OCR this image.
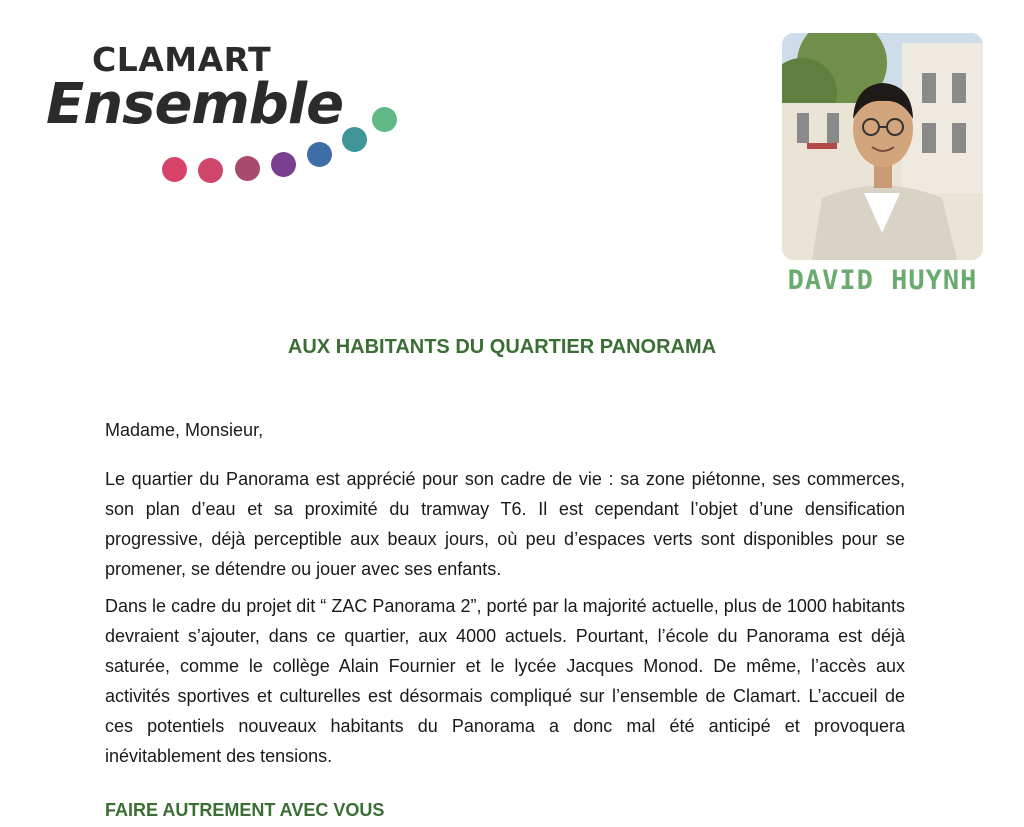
CLAMART
Ensemble
DAVID HUYNH
AUX HABITANTS DU QUARTIER PANORAMA
Madame, Monsieur,

Le quartier du Panorama est apprécié pour son cadre de vie : sa zone piétonne, ses commerces, son plan d’eau et sa proximité du tramway T6. Il est cependant l’objet d’une densification progressive, déjà perceptible aux beaux jours, où peu d’espaces verts sont disponibles pour se promener, se détendre ou jouer avec ses enfants.

Dans le cadre du projet dit “ ZAC Panorama 2”, porté par la majorité actuelle, plus de 1000 habitants devraient s’ajouter, dans ce quartier, aux 4000 actuels. Pourtant, l’école du Panorama est déjà saturée, comme le collège Alain Fournier et le lycée Jacques Monod. De même, l’accès aux activités sportives et culturelles est désormais compliqué sur l’ensemble de Clamart. L’accueil de ces potentiels nouveaux habitants du Panorama a donc mal été anticipé et provoquera inévitablement des tensions.

FAIRE AUTREMENT AVEC VOUS
